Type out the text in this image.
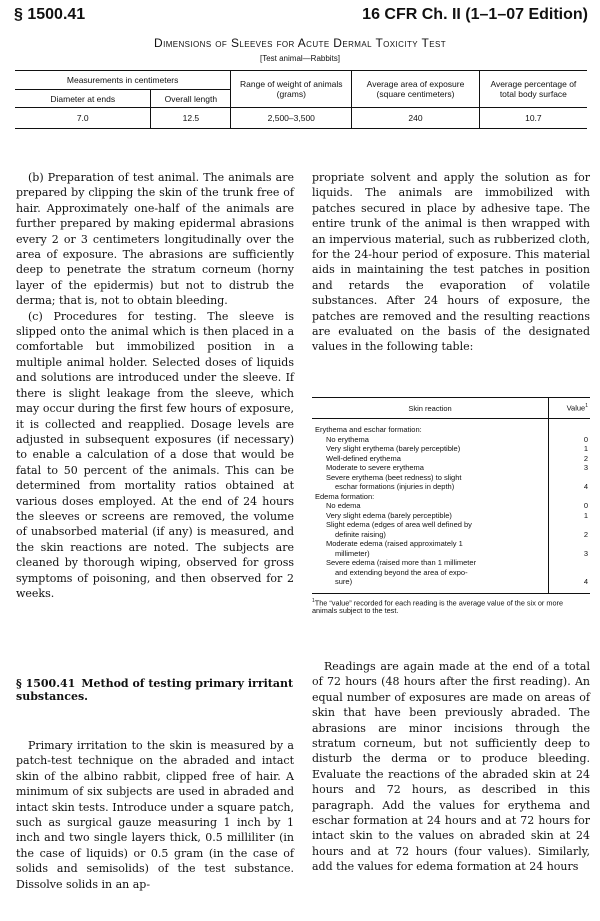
§ 1500.41	16 CFR Ch. II (1–1–07 Edition)
Dimensions of Sleeves for Acute Dermal Toxicity Test
[Test animal—Rabbits]
Measurements in centimeters		Range of weight of animals (grams)	Average area of exposure (square centimeters)	Average percentage of total body surface
Diameter at ends	Overall length			
7.0	12.5	2,500–3,500	240	10.7

(b) Preparation of test animal. The animals are prepared by clipping the skin of the trunk free of hair. Approximately one-half of the animals are further prepared by making epidermal abrasions every 2 or 3 centimeters longitudinally over the area of exposure. The abrasions are sufficiently deep to penetrate the stratum corneum (horny layer of the epidermis) but not to distrub the derma; that is, not to obtain bleeding.

(c) Procedures for testing. The sleeve is slipped onto the animal which is then placed in a comfortable but immobilized position in a multiple animal holder. Selected doses of liquids and solutions are introduced under the sleeve. If there is slight leakage from the sleeve, which may occur during the first few hours of exposure, it is collected and reapplied. Dosage levels are adjusted in subsequent exposures (if necessary) to enable a calculation of a dose that would be fatal to 50 percent of the animals. This can be determined from mortality ratios obtained at various doses employed. At the end of 24 hours the sleeves or screens are removed, the volume of unabsorbed material (if any) is measured, and the skin reactions are noted. The subjects are cleaned by thorough wiping, observed for gross symptoms of poisoning, and then observed for 2 weeks.

§ 1500.41 Method of testing primary irritant substances.

Primary irritation to the skin is measured by a patch-test technique on the abraded and intact skin of the albino rabbit, clipped free of hair. A minimum of six subjects are used in abraded and intact skin tests. Introduce under a square patch, such as surgical gauze measuring 1 inch by 1 inch and two single layers thick, 0.5 milliliter (in the case of liquids) or 0.5 gram (in the case of solids and semisolids) of the test substance. Dissolve solids in an ap-

propriate solvent and apply the solution as for liquids. The animals are immobilized with patches secured in place by adhesive tape. The entire trunk of the animal is then wrapped with an impervious material, such as rubberized cloth, for the 24-hour period of exposure. This material aids in maintaining the test patches in position and retards the evaporation of volatile substances. After 24 hours of exposure, the patches are removed and the resulting reactions are evaluated on the basis of the designated values in the following table:

Skin reaction	Value$^1$

Erythema and eschar formation:	
No erythema	0
Very slight erythema (barely perceptible)	1
Well-defined erythema	2
Moderate to severe erythema	3
Severe erythema (beet redness) to slight
eschar formations (injuries in depth)	4
Edema formation:	
No edema	0
Very slight edema (barely perceptible)	1
Slight edema (edges of area well defined by
definite raising)	2
Moderate edema (raised approximately 1
millimeter)	3
Severe edema (raised more than 1 millimeter
and extending beyond the area of expo-
sure)	4

$^1$The “value” recorded for each reading is the average value of the six or more animals subject to the test.

Readings are again made at the end of a total of 72 hours (48 hours after the first reading). An equal number of exposures are made on areas of skin that have been previously abraded. The abrasions are minor incisions through the stratum corneum, but not sufficiently deep to disturb the derma or to produce bleeding. Evaluate the reactions of the abraded skin at 24 hours and 72 hours, as described in this paragraph. Add the values for erythema and eschar formation at 24 hours and at 72 hours for intact skin to the values on abraded skin at 24 hours and at 72 hours (four values). Similarly, add the values for edema formation at 24 hours
